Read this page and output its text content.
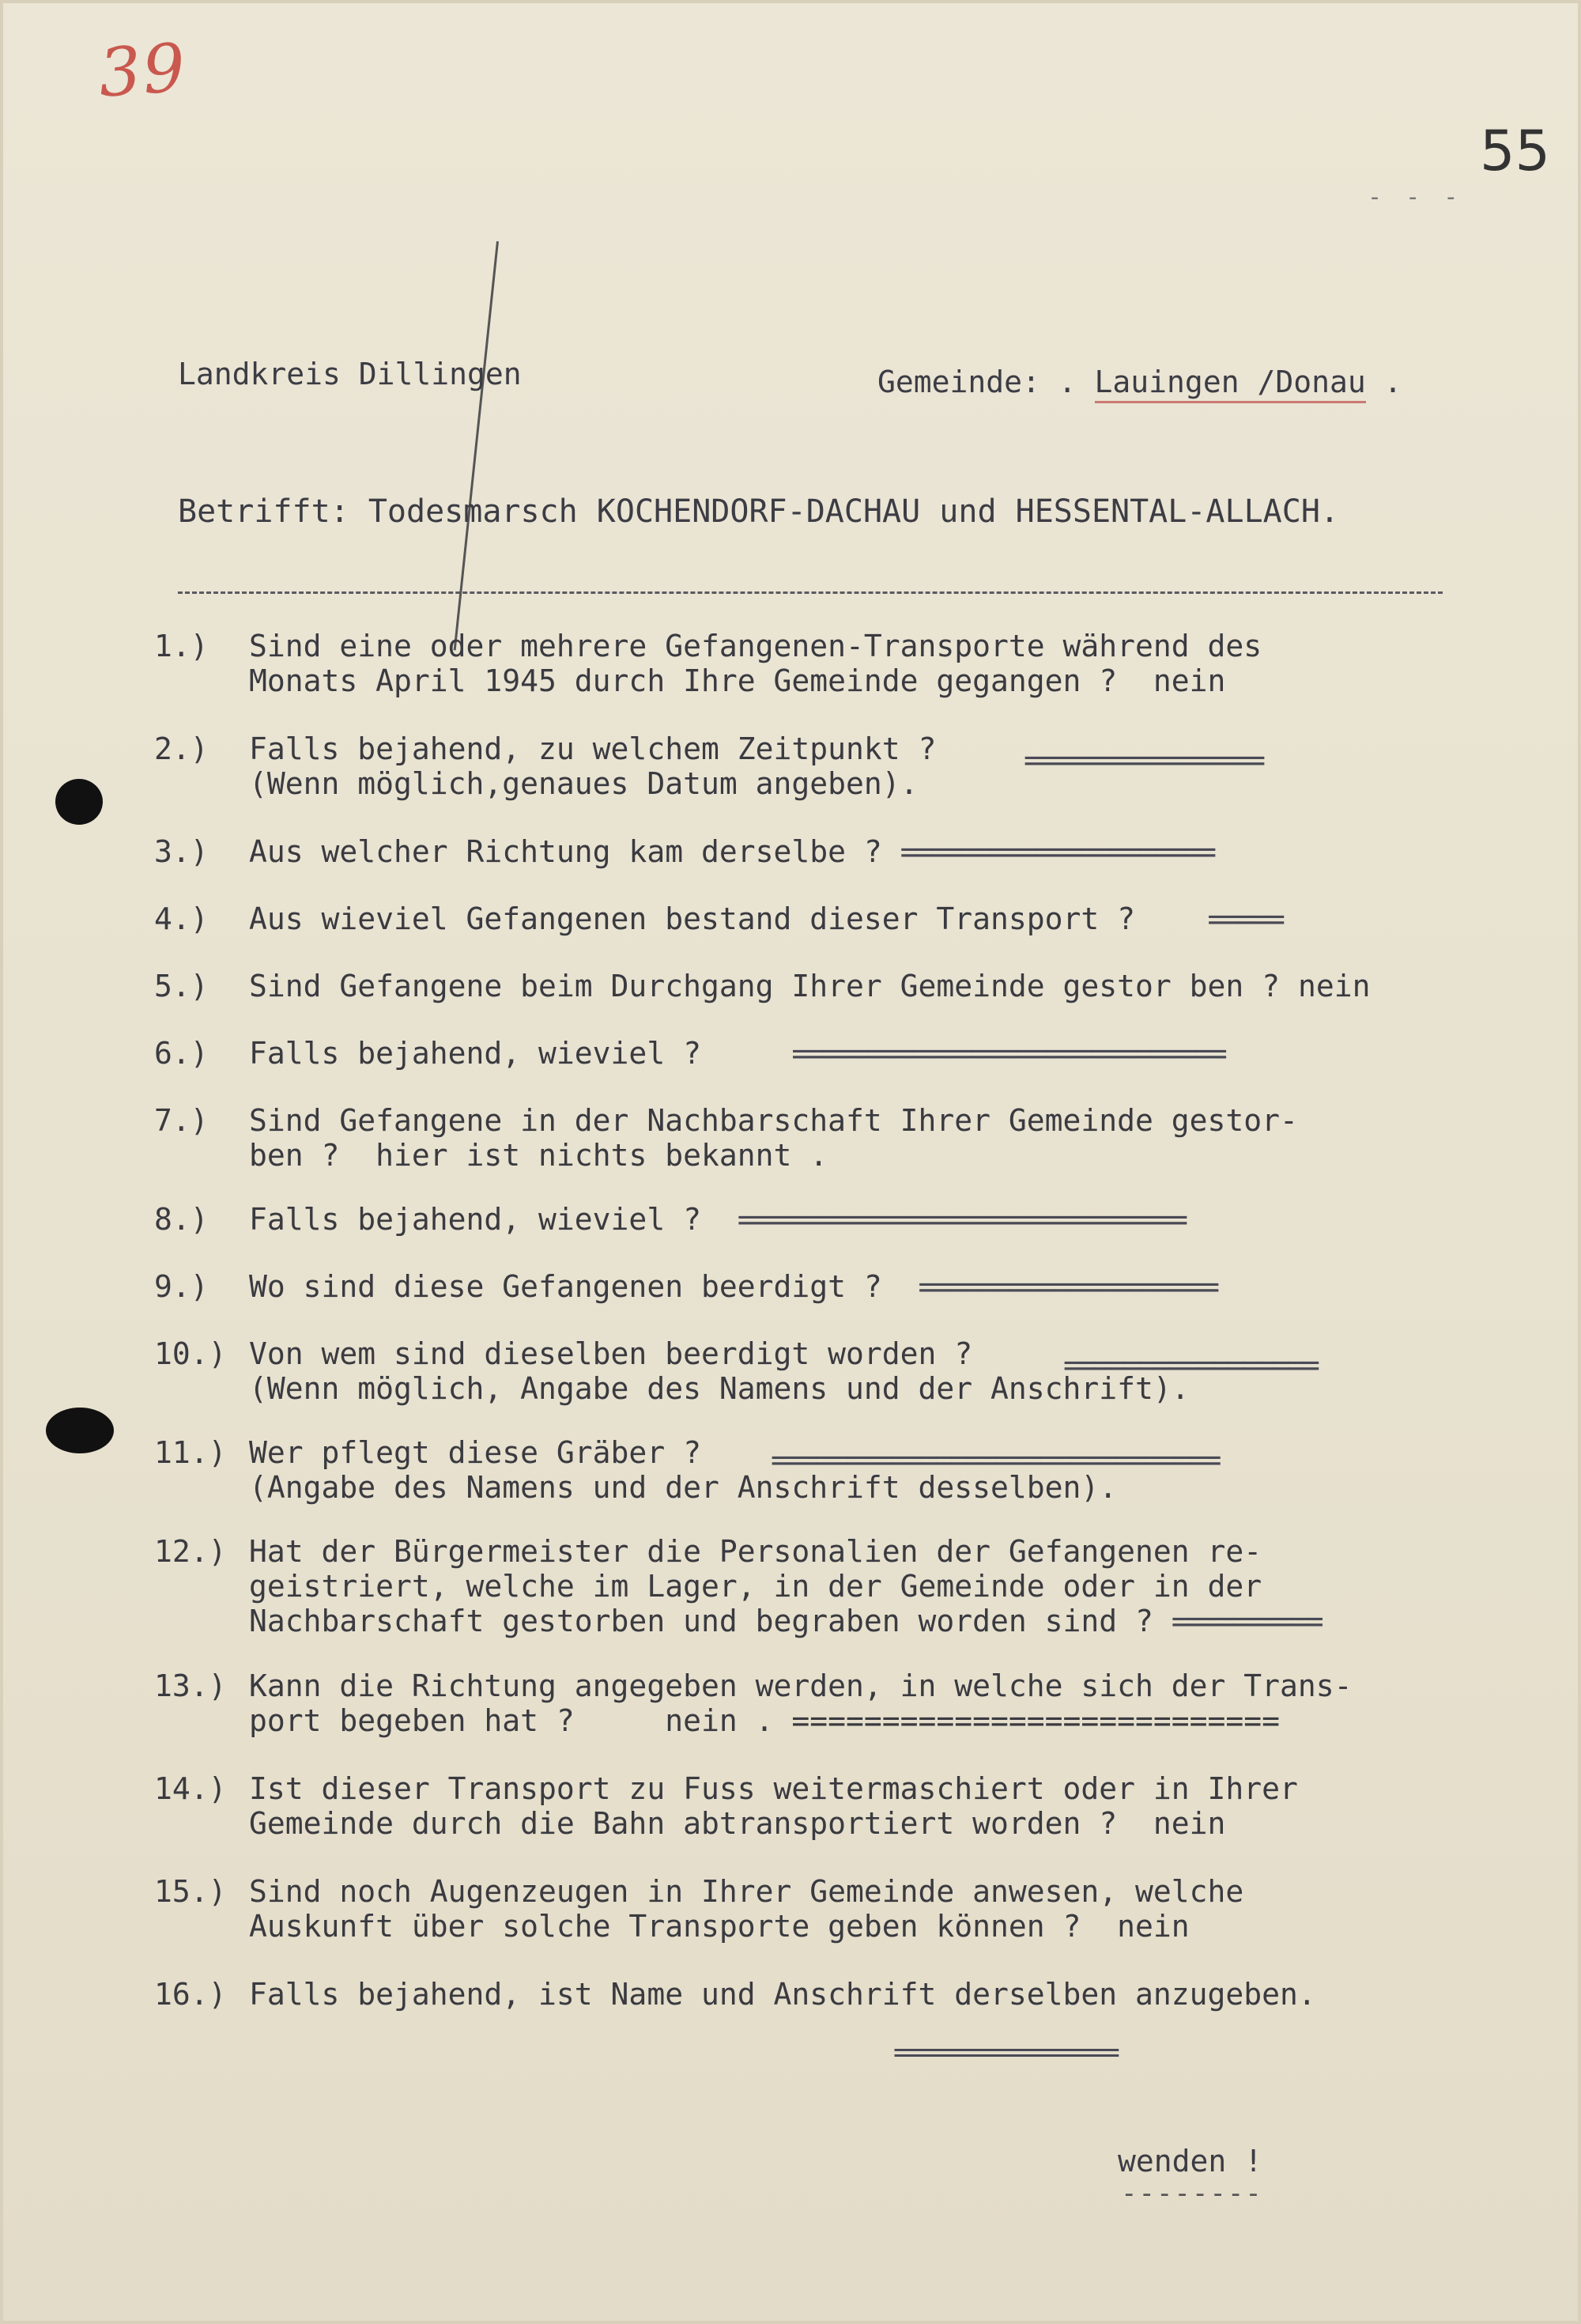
39
55
- - -
Landkreis Dillingen	Gemeinde: . Lauingen /Donau .
Betrifft: Todesmarsch KOCHENDORF-DACHAU und HESSENTAL-ALLACH.
1.) Sind eine oder mehrere Gefangenen-Transporte während des
Monats April 1945 durch Ihre Gemeinde gegangen ? nein
2.) Falls bejahend, zu welchem Zeitpunkt ?
(Wenn möglich,genaues Datum angeben).
================
3.) Aus welcher Richtung kam derselbe ? =====================
4.) Aus wieviel Gefangenen bestand dieser Transport ? =====
5.) Sind Gefangene beim Durchgang Ihrer Gemeinde gestor ben ? nein
6.) Falls bejahend, wieviel ?	=============================
7.) Sind Gefangene in der Nachbarschaft Ihrer Gemeinde gestor-
ben ? hier ist nichts bekannt .
8.) Falls bejahend, wieviel ? ==============================
9.) Wo sind diese Gefangenen beerdigt ? ====================
10.) Von wem sind dieselben beerdigt worden ?
(Wenn möglich, Angabe des Namens und der Anschrift).
=================
11.) Wer pflegt diese Gräber ?
(Angabe des Namens und der Anschrift desselben).
==============================
12.) Hat der Bürgermeister die Personalien der Gefangenen re-
geistriert, welche im Lager, in der Gemeinde oder in der
Nachbarschaft gestorben und begraben worden sind ? ==========
13.) Kann die Richtung angegeben werden, in welche sich der Trans-
port begeben hat ?	nein . ===========================
14.) Ist dieser Transport zu Fuss weitermaschiert oder in Ihrer
Gemeinde durch die Bahn abtransportiert worden ? nein
15.) Sind noch Augenzeugen in Ihrer Gemeinde anwesen, welche
Auskunft über solche Transporte geben können ? nein
16.) Falls bejahend, ist Name und Anschrift derselben anzugeben.
================
wenden !
--------
